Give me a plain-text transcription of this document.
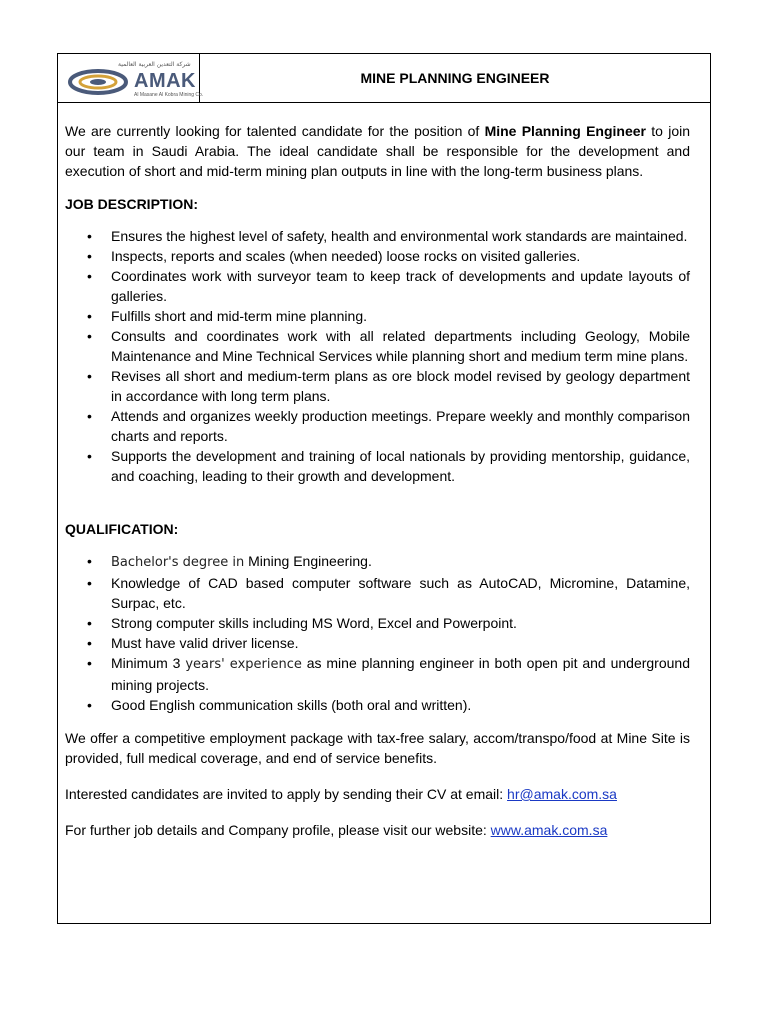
شركة التعدين العربية العالمية
AMAK
Al Masane Al Kobra Mining Co.
MINE PLANNING ENGINEER

We are currently looking for talented candidate for the position of Mine Planning Engineer to join our team in Saudi Arabia. The ideal candidate shall be responsible for the development and execution of short and mid-term mining plan outputs in line with the long-term business plans.

JOB DESCRIPTION:

• Ensures the highest level of safety, health and environmental work standards are maintained.
• Inspects, reports and scales (when needed) loose rocks on visited galleries.
• Coordinates work with surveyor team to keep track of developments and update layouts of galleries.
• Fulfills short and mid-term mine planning.
• Consults and coordinates work with all related departments including Geology, Mobile Maintenance and Mine Technical Services while planning short and medium term mine plans.
• Revises all short and medium-term plans as ore block model revised by geology department in accordance with long term plans.
• Attends and organizes weekly production meetings. Prepare weekly and monthly comparison charts and reports.
• Supports the development and training of local nationals by providing mentorship, guidance, and coaching, leading to their growth and development.

QUALIFICATION:

• Bachelor's degree in Mining Engineering.
• Knowledge of CAD based computer software such as AutoCAD, Micromine, Datamine, Surpac, etc.
• Strong computer skills including MS Word, Excel and Powerpoint.
• Must have valid driver license.
• Minimum 3 years' experience as mine planning engineer in both open pit and underground mining projects.
• Good English communication skills (both oral and written).

We offer a competitive employment package with tax-free salary, accom/transpo/food at Mine Site is provided, full medical coverage, and end of service benefits.

Interested candidates are invited to apply by sending their CV at email: hr@amak.com.sa

For further job details and Company profile, please visit our website: www.amak.com.sa
